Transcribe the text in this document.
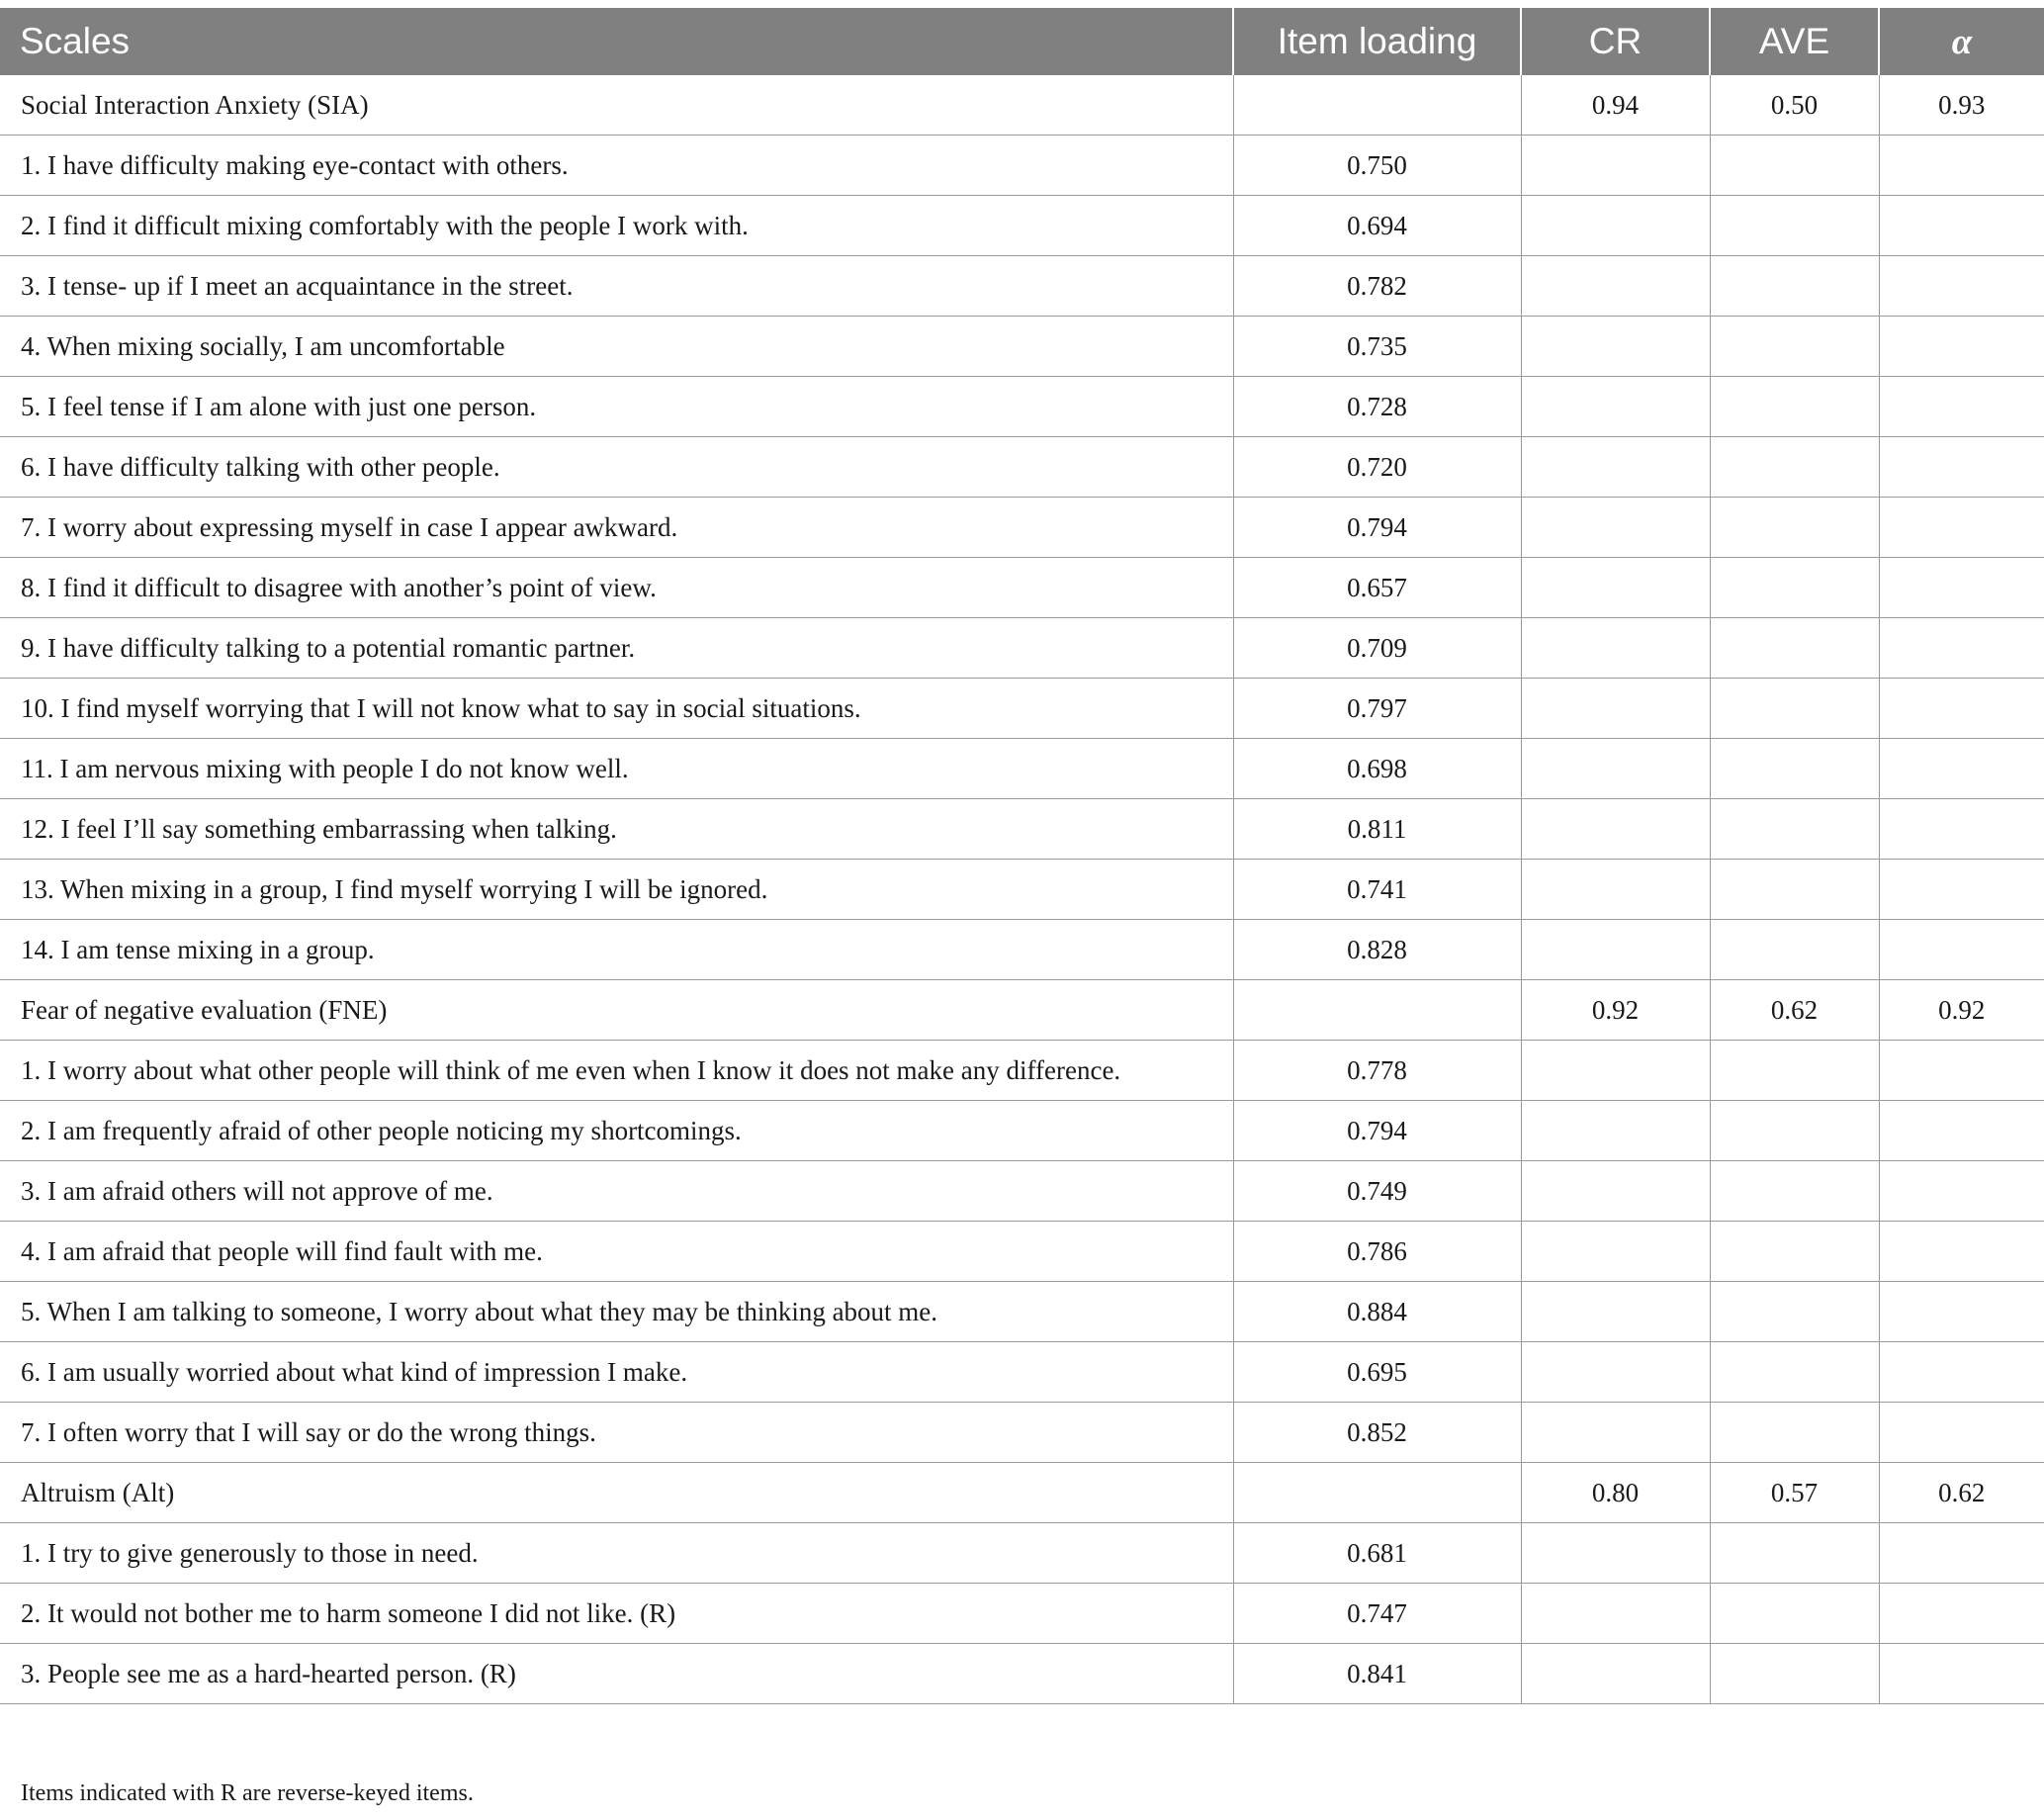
Scales	Item loading	CR	AVE	α
Social Interaction Anxiety (SIA)		0.94	0.50	0.93
1. I have difficulty making eye-contact with others.	0.750			
2. I find it difficult mixing comfortably with the people I work with.	0.694			
3. I tense- up if I meet an acquaintance in the street.	0.782			
4. When mixing socially, I am uncomfortable	0.735			
5. I feel tense if I am alone with just one person.	0.728			
6. I have difficulty talking with other people.	0.720			
7. I worry about expressing myself in case I appear awkward.	0.794			
8. I find it difficult to disagree with another’s point of view.	0.657			
9. I have difficulty talking to a potential romantic partner.	0.709			
10. I find myself worrying that I will not know what to say in social situations.	0.797			
11. I am nervous mixing with people I do not know well.	0.698			
12. I feel I’ll say something embarrassing when talking.	0.811			
13. When mixing in a group, I find myself worrying I will be ignored.	0.741			
14. I am tense mixing in a group.	0.828			
Fear of negative evaluation (FNE)		0.92	0.62	0.92
1. I worry about what other people will think of me even when I know it does not make any difference.	0.778			
2. I am frequently afraid of other people noticing my shortcomings.	0.794			
3. I am afraid others will not approve of me.	0.749			
4. I am afraid that people will find fault with me.	0.786			
5. When I am talking to someone, I worry about what they may be thinking about me.	0.884			
6. I am usually worried about what kind of impression I make.	0.695			
7. I often worry that I will say or do the wrong things.	0.852			
Altruism (Alt)		0.80	0.57	0.62
1. I try to give generously to those in need.	0.681			
2. It would not bother me to harm someone I did not like. (R)	0.747			
3. People see me as a hard-hearted person. (R)	0.841			
Items indicated with R are reverse-keyed items.
